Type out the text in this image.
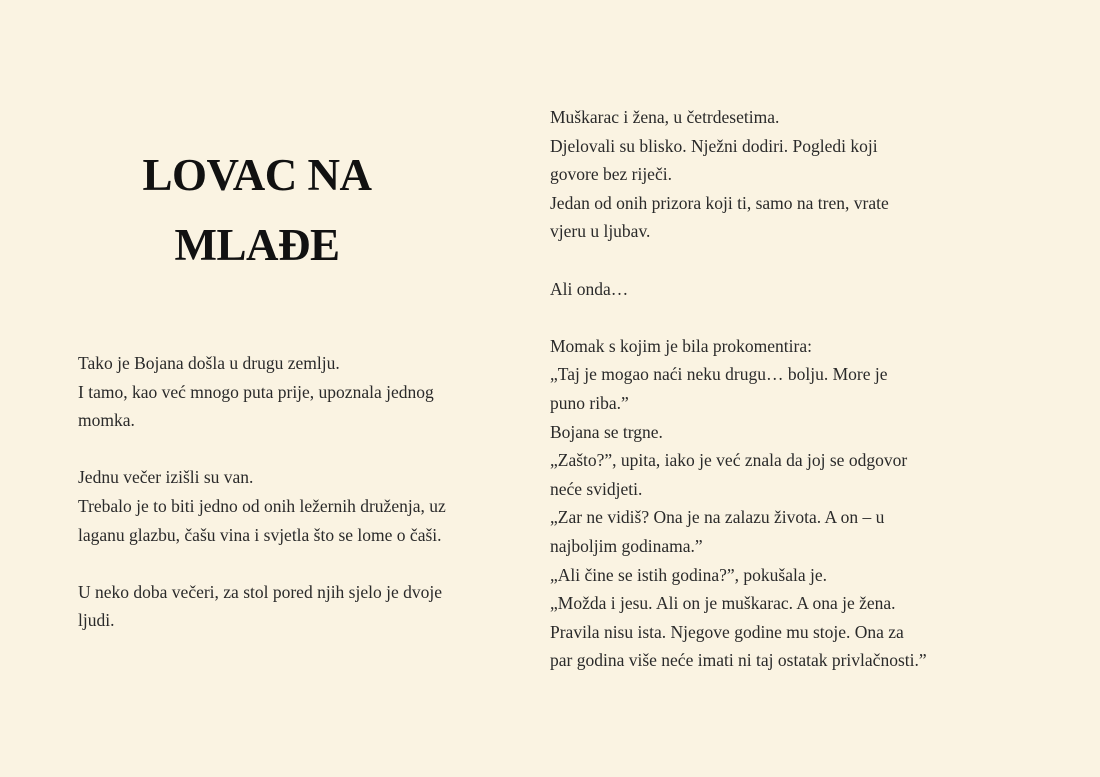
LOVAC NA
MLAĐE
Tako je Bojana došla u drugu zemlju.
I tamo, kao već mnogo puta prije, upoznala jednog
momka.
Jednu večer izišli su van.
Trebalo je to biti jedno od onih ležernih druženja, uz
laganu glazbu, čašu vina i svjetla što se lome o čaši.
U neko doba večeri, za stol pored njih sjelo je dvoje
ljudi.
Muškarac i žena, u četrdesetima.
Djelovali su blisko. Nježni dodiri. Pogledi koji
govore bez riječi.
Jedan od onih prizora koji ti, samo na tren, vrate
vjeru u ljubav.
Ali onda…
Momak s kojim je bila prokomentira:
„Taj je mogao naći neku drugu… bolju. More je
puno riba.”
Bojana se trgne.
„Zašto?”, upita, iako je već znala da joj se odgovor
neće svidjeti.
„Zar ne vidiš? Ona je na zalazu života. A on – u
najboljim godinama.”
„Ali čine se istih godina?”, pokušala je.
„Možda i jesu. Ali on je muškarac. A ona je žena.
Pravila nisu ista. Njegove godine mu stoje. Ona za
par godina više neće imati ni taj ostatak privlačnosti.”
